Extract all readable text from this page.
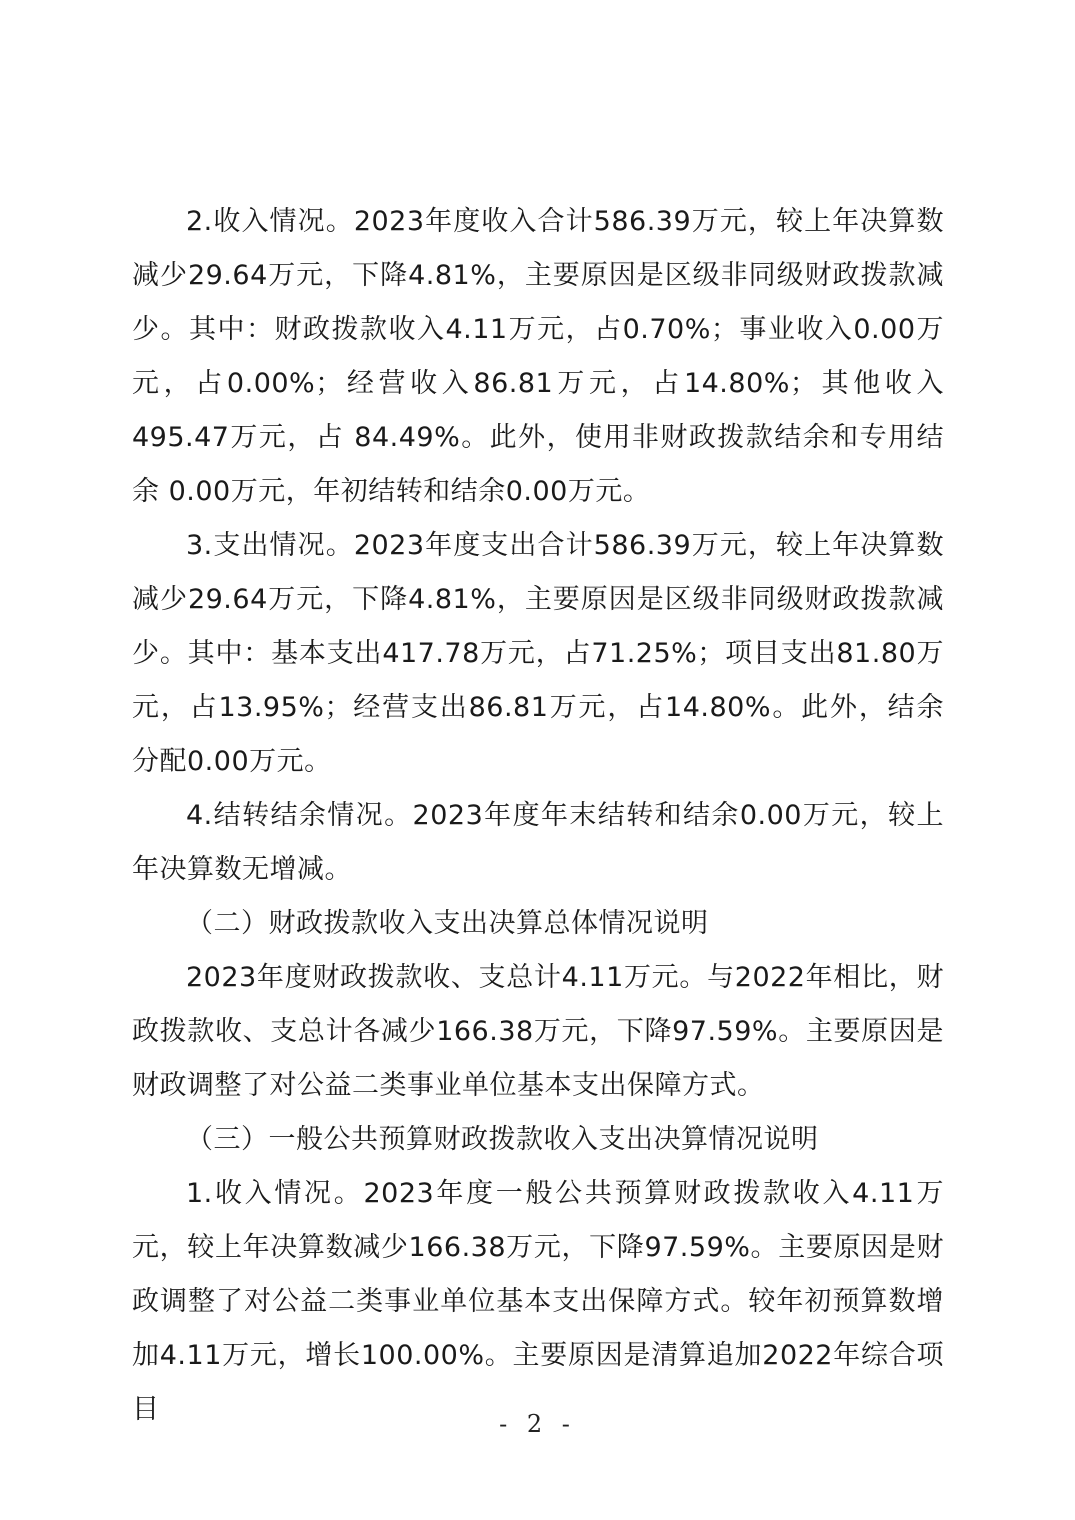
2.收入情况。2023年度收入合计586.39万元，较上年决算数减少29.64万元，下降4.81%，主要原因是区级非同级财政拨款减少。其中：财政拨款收入4.11万元，占0.70%；事业收入0.00万元，占0.00%；经营收入86.81万元，占14.80%；其他收入495.47万元，占 84.49%。此外，使用非财政拨款结余和专用结余 0.00万元，年初结转和结余0.00万元。

3.支出情况。2023年度支出合计586.39万元，较上年决算数减少29.64万元，下降4.81%，主要原因是区级非同级财政拨款减少。其中：基本支出417.78万元，占71.25%；项目支出81.80万元，占13.95%；经营支出86.81万元，占14.80%。此外，结余分配0.00万元。

4.结转结余情况。2023年度年末结转和结余0.00万元，较上年决算数无增减。

（二）财政拨款收入支出决算总体情况说明

2023年度财政拨款收、支总计4.11万元。与2022年相比，财政拨款收、支总计各减少166.38万元，下降97.59%。主要原因是财政调整了对公益二类事业单位基本支出保障方式。

（三）一般公共预算财政拨款收入支出决算情况说明

1.收入情况。2023年度一般公共预算财政拨款收入4.11万元，较上年决算数减少166.38万元，下降97.59%。主要原因是财政调整了对公益二类事业单位基本支出保障方式。较年初预算数增加4.11万元，增长100.00%。主要原因是清算追加2022年综合项目	- 2 -
